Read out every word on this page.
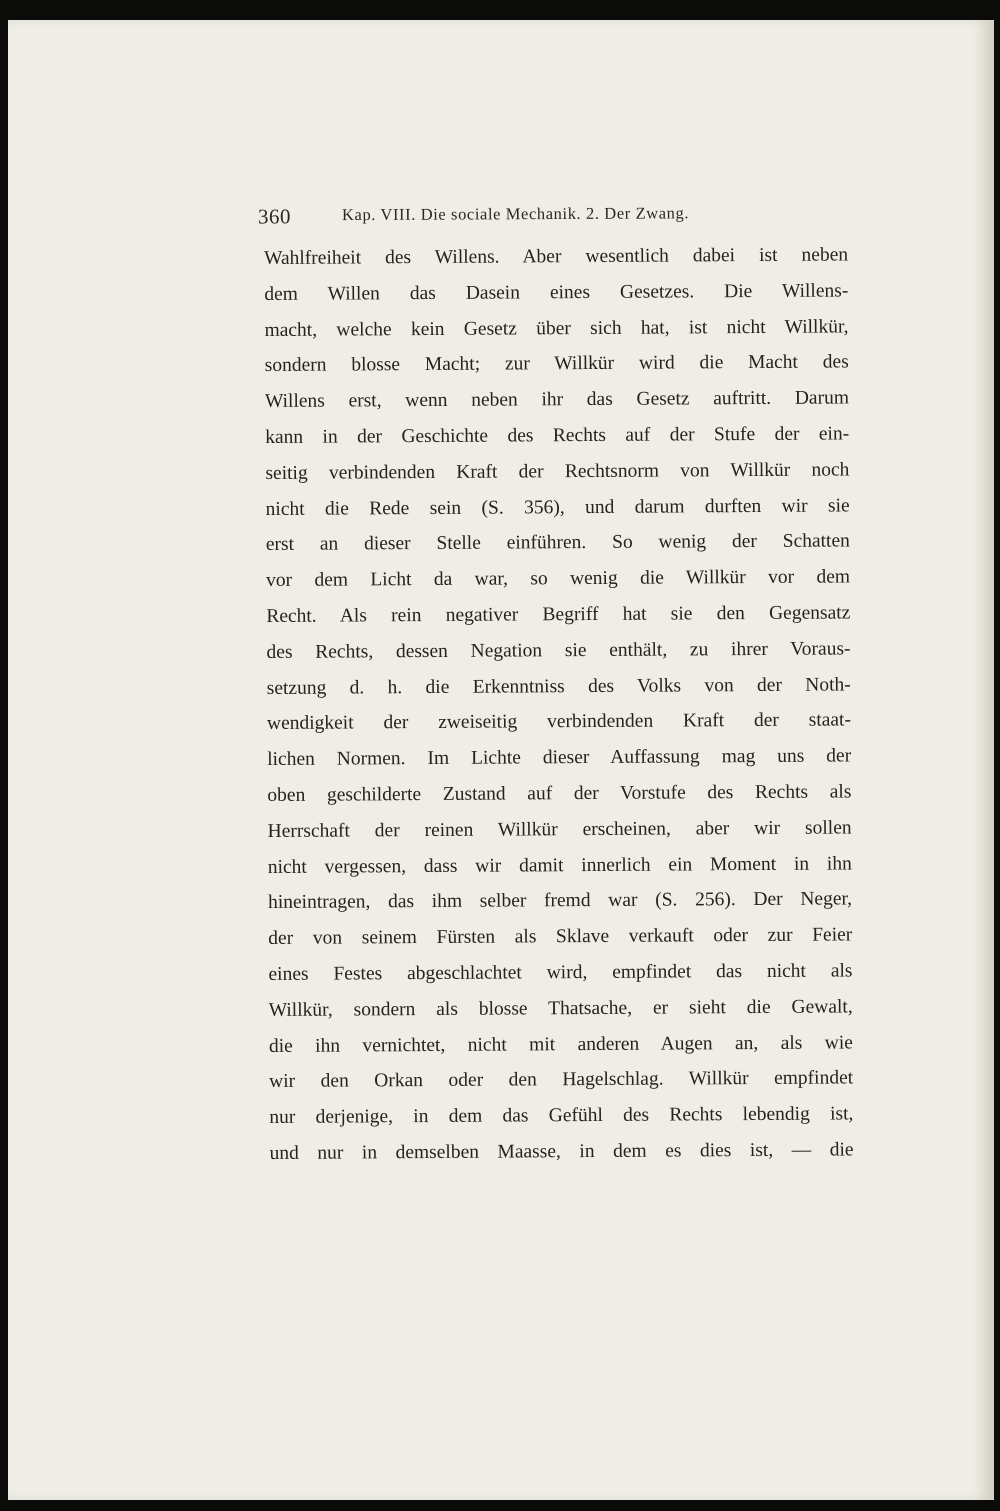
360	Kap. VIII. Die sociale Mechanik. 2. Der Zwang.
Wahlfreiheit des Willens. Aber wesentlich dabei ist neben
dem Willen das Dasein eines Gesetzes. Die Willens-
macht, welche kein Gesetz über sich hat, ist nicht Willkür,
sondern blosse Macht; zur Willkür wird die Macht des
Willens erst, wenn neben ihr das Gesetz auftritt. Darum
kann in der Geschichte des Rechts auf der Stufe der ein-
seitig verbindenden Kraft der Rechtsnorm von Willkür noch
nicht die Rede sein (S. 356), und darum durften wir sie
erst an dieser Stelle einführen. So wenig der Schatten
vor dem Licht da war, so wenig die Willkür vor dem
Recht. Als rein negativer Begriff hat sie den Gegensatz
des Rechts, dessen Negation sie enthält, zu ihrer Voraus-
setzung d. h. die Erkenntniss des Volks von der Noth-
wendigkeit der zweiseitig verbindenden Kraft der staat-
lichen Normen. Im Lichte dieser Auffassung mag uns der
oben geschilderte Zustand auf der Vorstufe des Rechts als
Herrschaft der reinen Willkür erscheinen, aber wir sollen
nicht vergessen, dass wir damit innerlich ein Moment in ihn
hineintragen, das ihm selber fremd war (S. 256). Der Neger,
der von seinem Fürsten als Sklave verkauft oder zur Feier
eines Festes abgeschlachtet wird, empfindet das nicht als
Willkür, sondern als blosse Thatsache, er sieht die Gewalt,
die ihn vernichtet, nicht mit anderen Augen an, als wie
wir den Orkan oder den Hagelschlag. Willkür empfindet
nur derjenige, in dem das Gefühl des Rechts lebendig ist,
und nur in demselben Maasse, in dem es dies ist, — die
